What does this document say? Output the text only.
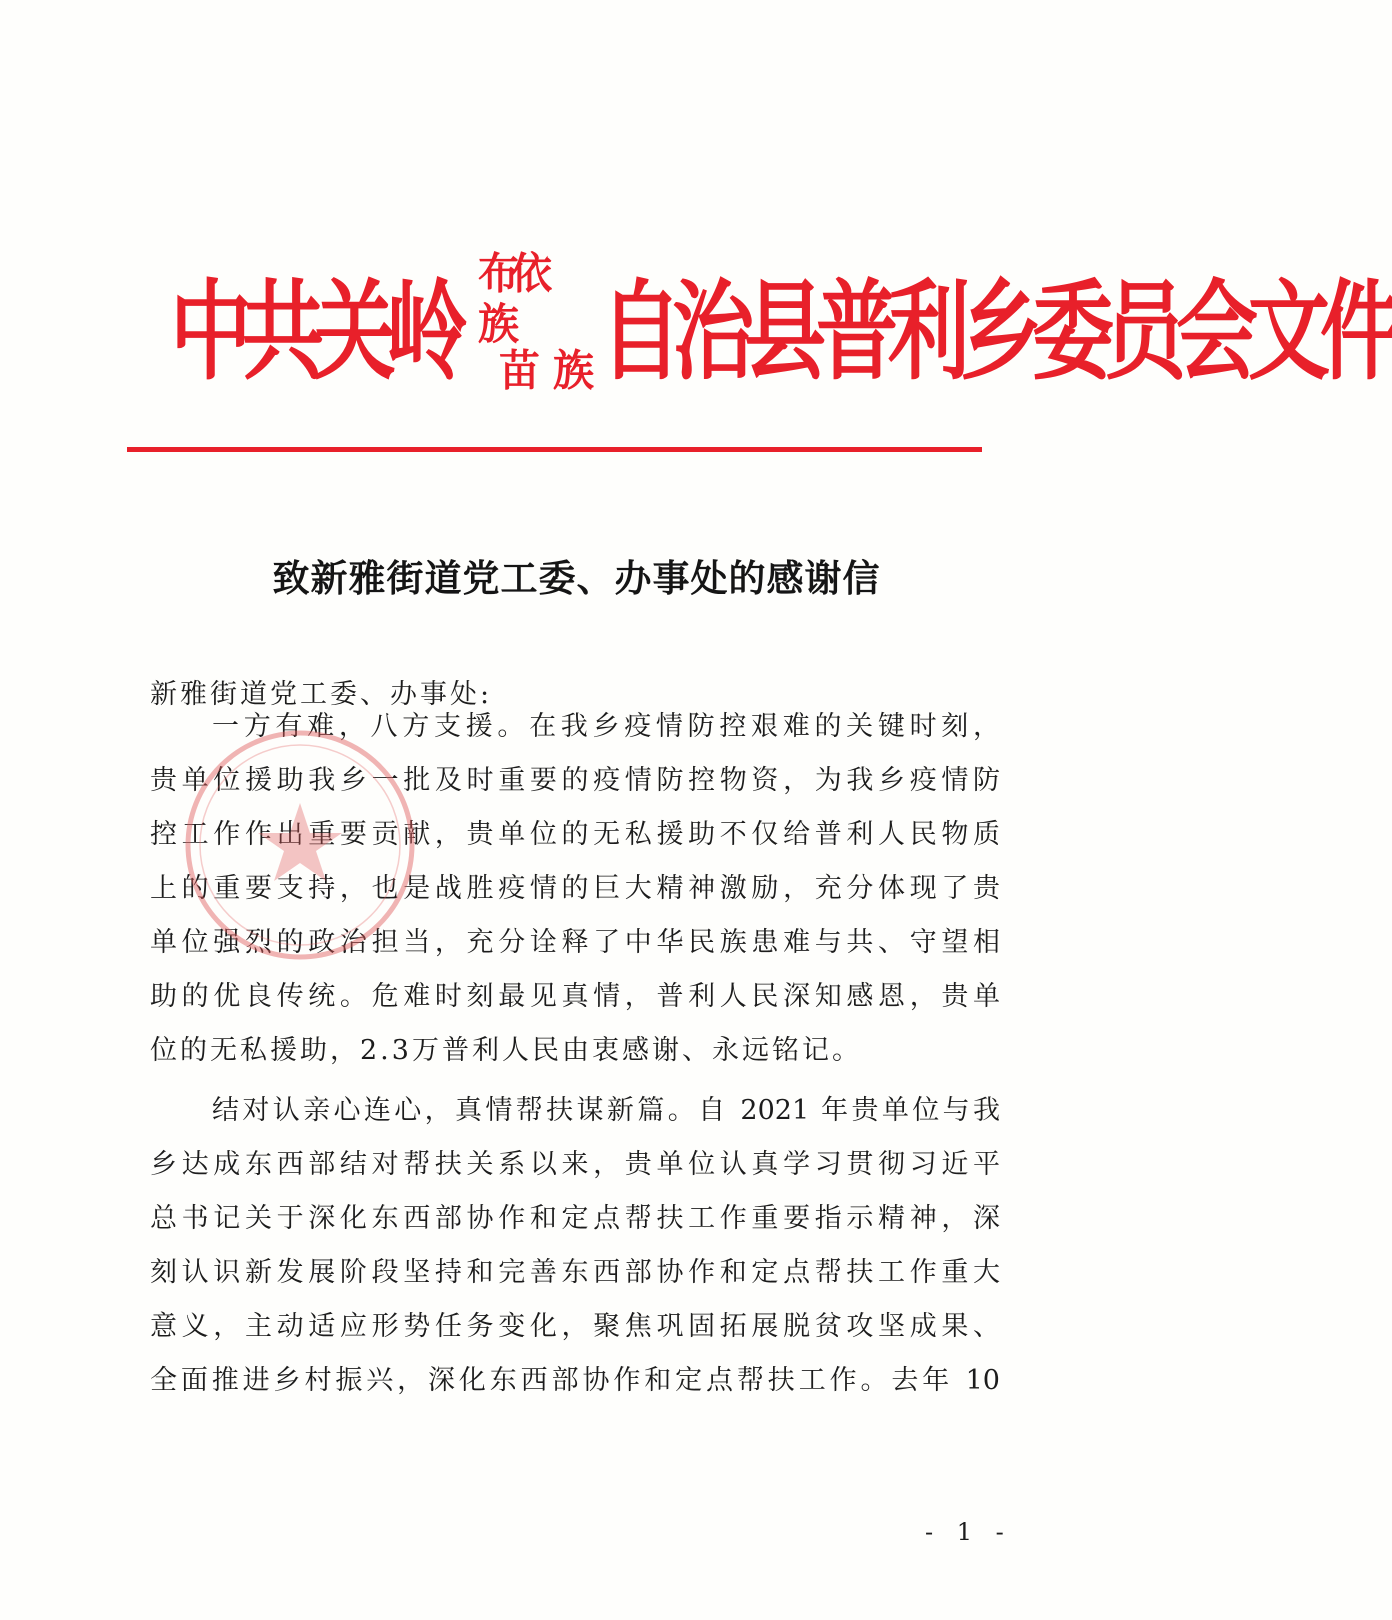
中共关岭 布依族
苗 族 自治县普利乡委员会文件
致新雅街道党工委、办事处的感谢信
新雅街道党工委、办事处:
一方有难，八方支援。在我乡疫情防控艰难的关键时刻，
贵单位援助我乡一批及时重要的疫情防控物资，为我乡疫情防
控工作作出重要贡献，贵单位的无私援助不仅给普利人民物质
上的重要支持，也是战胜疫情的巨大精神激励，充分体现了贵
单位强烈的政治担当，充分诠释了中华民族患难与共、守望相
助的优良传统。危难时刻最见真情，普利人民深知感恩，贵单
位的无私援助，2.3万普利人民由衷感谢、永远铭记。
结对认亲心连心，真情帮扶谋新篇。自 2021 年贵单位与我
乡达成东西部结对帮扶关系以来，贵单位认真学习贯彻习近平
总书记关于深化东西部协作和定点帮扶工作重要指示精神，深
刻认识新发展阶段坚持和完善东西部协作和定点帮扶工作重大
意义，主动适应形势任务变化，聚焦巩固拓展脱贫攻坚成果、
全面推进乡村振兴，深化东西部协作和定点帮扶工作。去年 10
- 1 -
